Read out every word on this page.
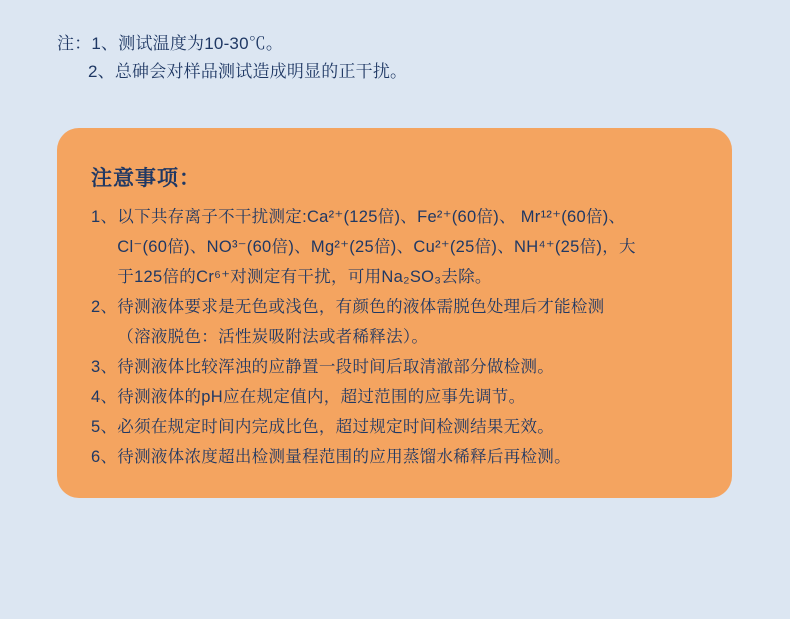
注：1、测试温度为10-30℃。
2、总砷会对样品测试造成明显的正干扰。
注意事项：
1、 以下共存离子不干扰测定:Ca²⁺(125倍)、Fe²⁺(60倍)、 Mr¹²⁺(60倍)、
Cl⁻(60倍)、NO³⁻(60倍)、Mg²⁺(25倍)、Cu²⁺(25倍)、NH⁴⁺(25倍)，大
于125倍的Cr⁶⁺对测定有干扰，可用Na₂SO₃去除。
2、 待测液体要求是无色或浅色，有颜色的液体需脱色处理后才能检测
（溶液脱色：活性炭吸附法或者稀释法）。
3、 待测液体比较浑浊的应静置一段时间后取清澈部分做检测。
4、 待测液体的pH应在规定值内，超过范围的应事先调节。
5、 必须在规定时间内完成比色，超过规定时间检测结果无效。
6、 待测液体浓度超出检测量程范围的应用蒸馏水稀释后再检测。
